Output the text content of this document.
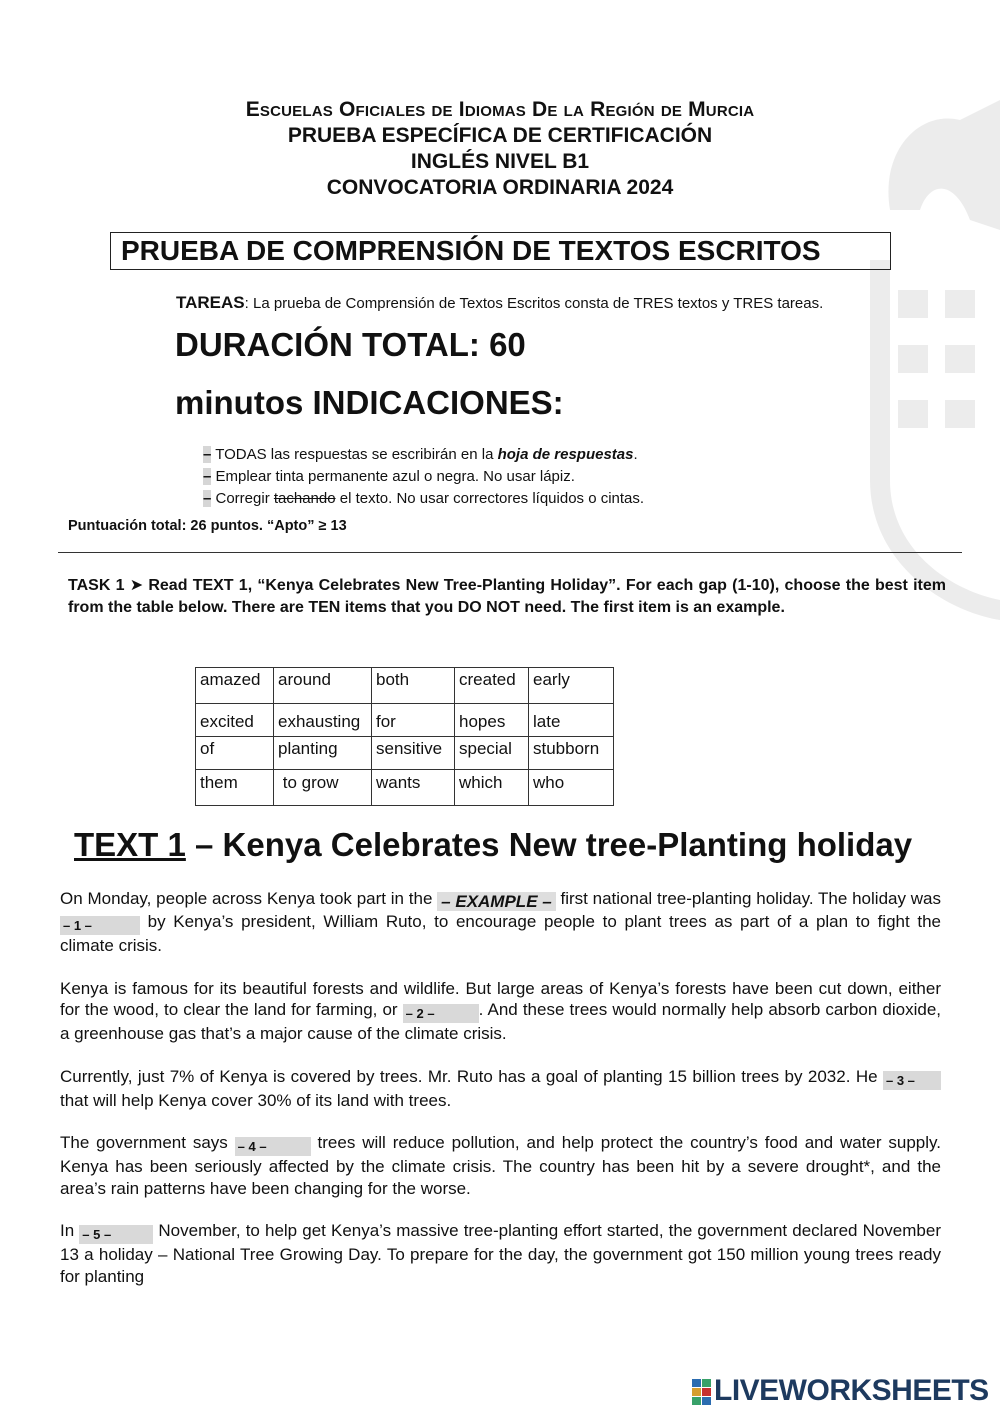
Escuelas Oficiales de Idiomas De la Región de Murcia
PRUEBA ESPECÍFICA DE CERTIFICACIÓN
INGLÉS NIVEL B1
CONVOCATORIA ORDINARIA 2024
PRUEBA DE COMPRENSIÓN DE TEXTOS ESCRITOS
TAREAS: La prueba de Comprensión de Textos Escritos consta de TRES textos y TRES tareas.
DURACIÓN TOTAL: 60
minutos INDICACIONES:
– TODAS las respuestas se escribirán en la hoja de respuestas.
– Emplear tinta permanente azul o negra. No usar lápiz.
– Corregir tachando el texto. No usar correctores líquidos o cintas.
Puntuación total: 26 puntos. “Apto” ≥ 13
TASK 1 ➤ Read TEXT 1, “Kenya Celebrates New Tree-Planting Holiday”. For each gap (1-10), choose the best item from the table below. There are TEN items that you DO NOT need. The first item is an example.
amazed	around	both	created	early
excited	exhausting	for	hopes	late
of	planting	sensitive	special	stubborn
them	to grow	wants	which	who
TEXT 1 – Kenya Celebrates New tree-Planting holiday

On Monday, people across Kenya took part in the – EXAMPLE – first national tree-planting holiday. The holiday was – 1 –	by Kenya’s president, William Ruto, to encourage people to plant trees as part of a plan to fight the climate crisis.

Kenya is famous for its beautiful forests and wildlife. But large areas of Kenya’s forests have been cut down, either for the wood, to clear the land for farming, or – 2 –	. And these trees would normally help absorb carbon dioxide, a greenhouse gas that’s a major cause of the climate crisis.

Currently, just 7% of Kenya is covered by trees. Mr. Ruto has a goal of planting 15 billion trees by 2032. He – 3 – that will help Kenya cover 30% of its land with trees.

The government says – 4 –	trees will reduce pollution, and help protect the country’s food and water supply. Kenya has been seriously affected by the climate crisis. The country has been hit by a severe drought*, and the area’s rain patterns have been changing for the worse.

In – 5 – November, to help get Kenya’s massive tree-planting effort started, the government declared November 13 a holiday – National Tree Growing Day. To prepare for the day, the government got 150 million young trees ready for planting

LIVEWORKSHEETS
